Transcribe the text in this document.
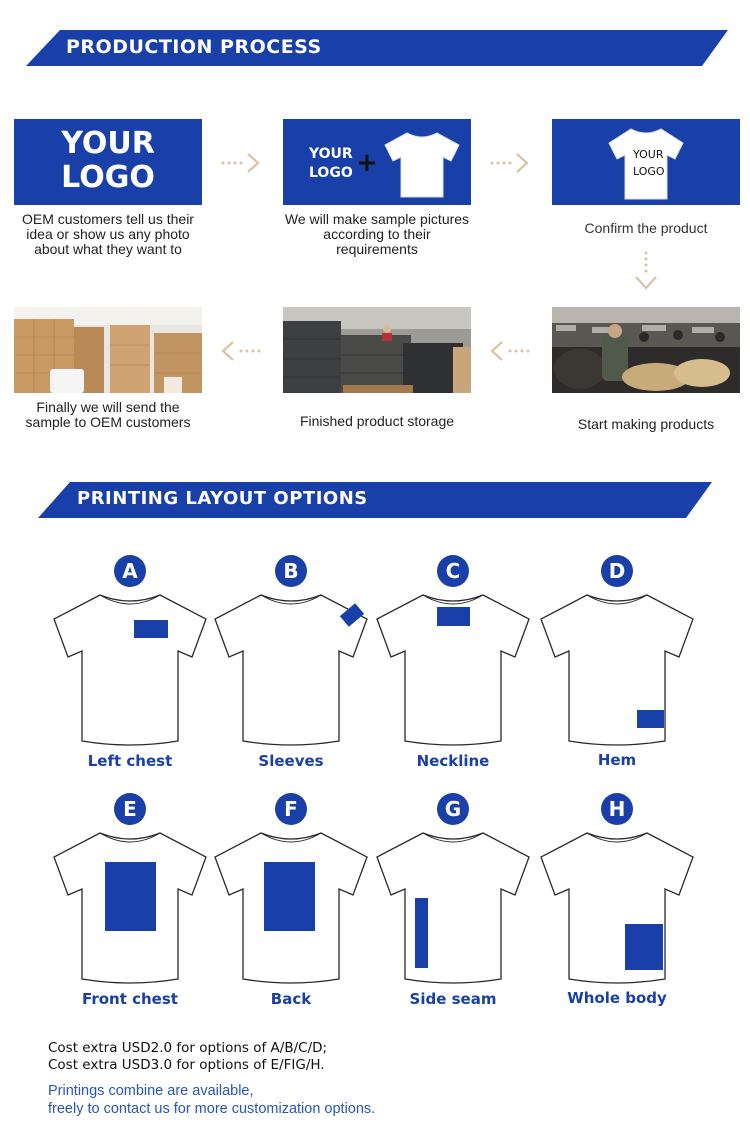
PRODUCTION PROCESS
YOUR
LOGO
OEM customers tell us their idea or show us any photo about what they want to
YOUR
LOGO +
We will make sample pictures according to their requirements
YOUR
LOGO
Confirm the product
Finally we will send the sample to OEM customers	Finished product storage	Start making products
PRINTING LAYOUT OPTIONS
A
Left chest
B
Sleeves
C
Neckline
D
Hem
E
Front chest
F
Back
G
Side seam
H
Whole body
Cost extra USD2.0 for options of A/B/C/D;
Cost extra USD3.0 for options of E/FIG/H.
Printings combine are available,
freely to contact us for more customization options.
